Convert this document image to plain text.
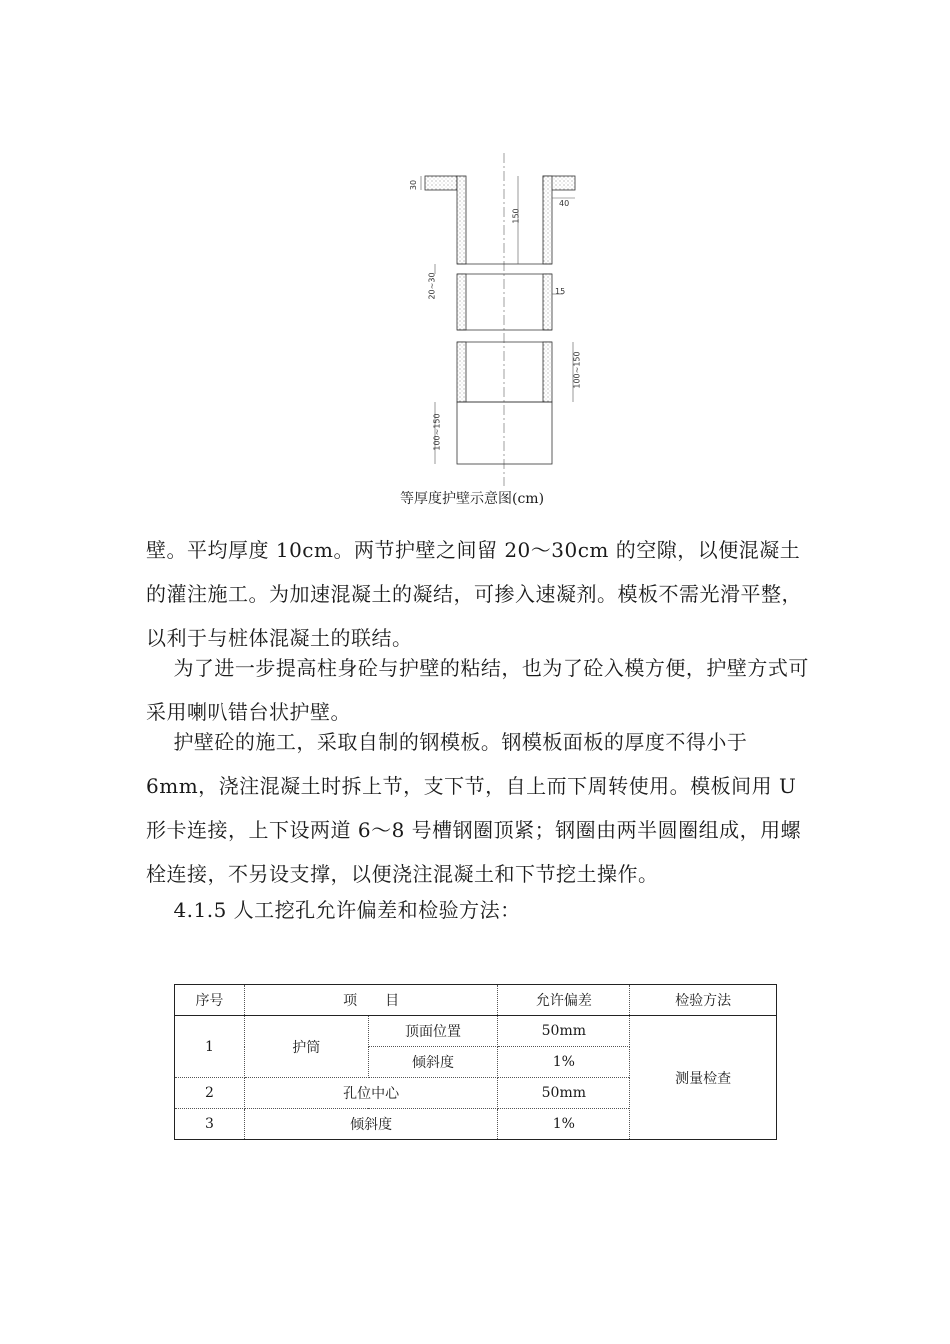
30
150
40
20~30	15
100~150
100~150
等厚度护壁示意图(cm)

壁。平均厚度 10cm。两节护壁之间留 20～30cm 的空隙，以便混凝土的灌注施工。为加速混凝土的凝结，可掺入速凝剂。模板不需光滑平整，以利于与桩体混凝土的联结。

为了进一步提高柱身砼与护壁的粘结，也为了砼入模方便，护壁方式可采用喇叭错台状护壁。

护壁砼的施工，采取自制的钢模板。钢模板面板的厚度不得小于 6mm，浇注混凝土时拆上节，支下节，自上而下周转使用。模板间用 U 形卡连接，上下设两道 6～8 号槽钢圈顶紧；钢圈由两半圆圈组成，用螺栓连接，不另设支撑，以便浇注混凝土和下节挖土操作。

4.1.5 人工挖孔允许偏差和检验方法：

序号	项　　目		允许偏差	检验方法
1	护筒	顶面位置	50mm	测量检查
		倾斜度	1%	
2	孔位中心		50mm	
3	倾斜度		1%	
